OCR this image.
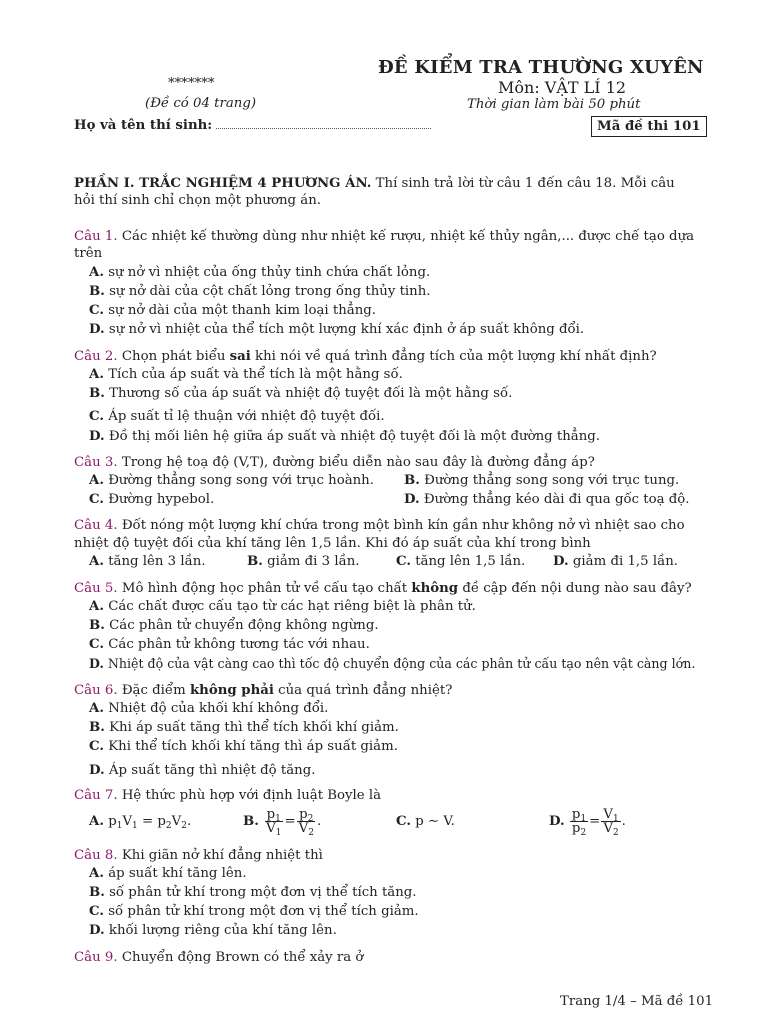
ĐỀ KIỂM TRA THƯỜNG XUYÊN
*******	Môn: VẬT LÍ 12
(Đề có 04 trang)	Thời gian làm bài 50 phút
Họ và tên thí sinh:	Mã đề thi 101
PHẦN I. TRẮC NGHIỆM 4 PHƯƠNG ÁN. Thí sinh trả lời từ câu 1 đến câu 18. Mỗi câu
hỏi thí sinh chỉ chọn một phương án.
Câu 1. Các nhiệt kế thường dùng như nhiệt kế rượu, nhiệt kế thủy ngân,... được chế tạo dựa
trên
A. sự nở vì nhiệt của ống thủy tinh chứa chất lỏng.
B. sự nở dài của cột chất lỏng trong ống thủy tinh.
C. sự nở dài của một thanh kim loại thẳng.
D. sự nở vì nhiệt của thể tích một lượng khí xác định ở áp suất không đổi.
Câu 2. Chọn phát biểu sai khi nói về quá trình đẳng tích của một lượng khí nhất định?
A. Tích của áp suất và thể tích là một hằng số.
B. Thương số của áp suất và nhiệt độ tuyệt đối là một hằng số.
C. Áp suất tỉ lệ thuận với nhiệt độ tuyệt đối.
D. Đồ thị mối liên hệ giữa áp suất và nhiệt độ tuyệt đối là một đường thẳng.
Câu 3. Trong hệ toạ độ (V,T), đường biểu diễn nào sau đây là đường đẳng áp?
A. Đường thẳng song song với trục hoành. B. Đường thẳng song song với trục tung.
C. Đường hypebol.	D. Đường thẳng kéo dài đi qua gốc toạ độ.
Câu 4. Đốt nóng một lượng khí chứa trong một bình kín gần như không nở vì nhiệt sao cho
nhiệt độ tuyệt đối của khí tăng lên 1,5 lần. Khi đó áp suất của khí trong bình
A. tăng lên 3 lần.	B. giảm đi 3 lần.	C. tăng lên 1,5 lần. D. giảm đi 1,5 lần.
Câu 5. Mô hình động học phân tử về cấu tạo chất không đề cập đến nội dung nào sau đây?
A. Các chất được cấu tạo từ các hạt riêng biệt là phân tử.
B. Các phân tử chuyển động không ngừng.
C. Các phân tử không tương tác với nhau.
D. Nhiệt độ của vật càng cao thì tốc độ chuyển động của các phân tử cấu tạo nên vật càng lớn.
Câu 6. Đặc điểm không phải của quá trình đẳng nhiệt?
A. Nhiệt độ của khối khí không đổi.
B. Khi áp suất tăng thì thể tích khối khí giảm.
C. Khi thể tích khối khí tăng thì áp suất giảm.
D. Áp suất tăng thì nhiệt độ tăng.
Câu 7. Hệ thức phù hợp với định luật Boyle là
A. $p_1V_1 = p_2V_2$.	B. $\frac{p_1}{V_1} = \frac{p_2}{V_2}$ .	C. p ∼ V.	D. $\frac{p_1}{p_2} = \frac{V_1}{V_2}$ .
Câu 8. Khi giãn nở khí đẳng nhiệt thì
A. áp suất khí tăng lên.
B. số phân tử khí trong một đơn vị thể tích tăng.
C. số phân tử khí trong một đơn vị thể tích giảm.
D. khối lượng riêng của khí tăng lên.
Câu 9. Chuyển động Brown có thể xảy ra ở
Trang 1/4 – Mã đề 101
